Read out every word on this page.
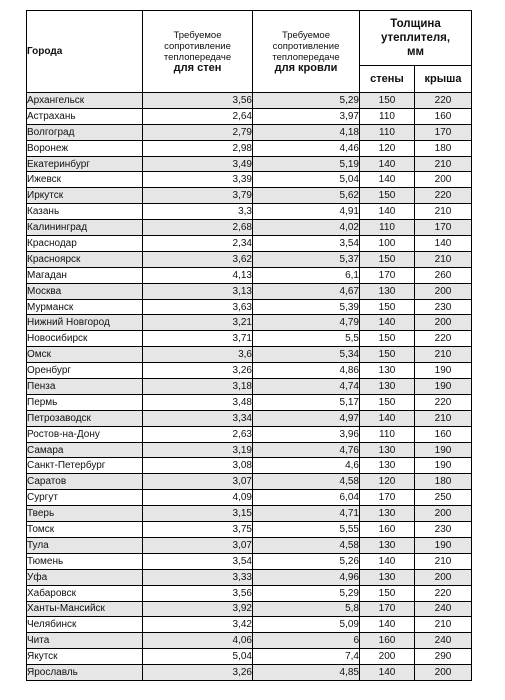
Города	Требуемое
сопротивление
теплопередаче
для стен	Требуемое
сопротивление
теплопередаче
для кровли	Толщина
утеплителя,
мм	

			стены	крыша
Архангельск	3,56	5,29	150	220
Астрахань	2,64	3,97	110	160
Волгоград	2,79	4,18	110	170
Воронеж	2,98	4,46	120	180
Екатеринбург	3,49	5,19	140	210
Ижевск	3,39	5,04	140	200
Иркутск	3,79	5,62	150	220
Казань	3,3	4,91	140	210
Калининград	2,68	4,02	110	170
Краснодар	2,34	3,54	100	140
Красноярск	3,62	5,37	150	210
Магадан	4,13	6,1	170	260
Москва	3,13	4,67	130	200
Мурманск	3,63	5,39	150	230
Нижний Новгород	3,21	4,79	140	200
Новосибирск	3,71	5,5	150	220
Омск	3,6	5,34	150	210
Оренбург	3,26	4,86	130	190
Пенза	3,18	4,74	130	190
Пермь	3,48	5,17	150	220
Петрозаводск	3,34	4,97	140	210
Ростов-на-Дону	2,63	3,96	110	160
Самара	3,19	4,76	130	190
Санкт-Петербург	3,08	4,6	130	190
Саратов	3,07	4,58	120	180
Сургут	4,09	6,04	170	250
Тверь	3,15	4,71	130	200
Томск	3,75	5,55	160	230
Тула	3,07	4,58	130	190
Тюмень	3,54	5,26	140	210
Уфа	3,33	4,96	130	200
Хабаровск	3,56	5,29	150	220
Ханты-Мансийск	3,92	5,8	170	240
Челябинск	3,42	5,09	140	210
Чита	4,06	6	160	240
Якутск	5,04	7,4	200	290
Ярославль	3,26	4,85	140	200
